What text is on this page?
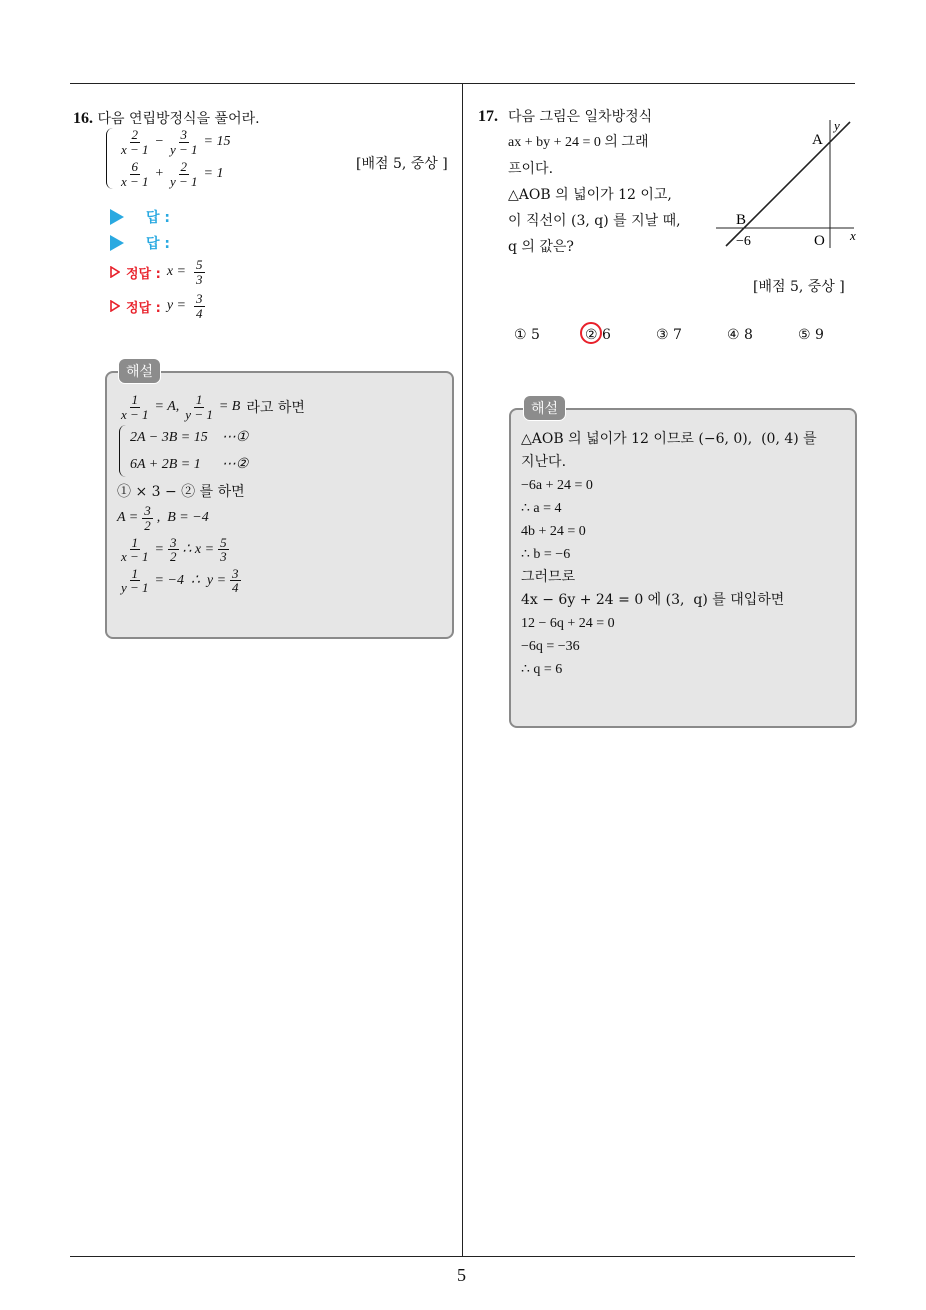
5
16. 다음 연립방정식을 풀어라.
$\frac{2}{x - 1} - \frac{3}{y - 1} = 15$
$\frac{6}{x - 1} + \frac{2}{y - 1} = 1$
[배점 5, 중상 ]
답 :
답 :
정답 : $x = \frac{5}{3}$
정답 : $y = \frac{3}{4}$
해설
$\frac{1}{x - 1} = A$, $\frac{1}{y - 1} = B$ 라고 하면
2A − 3B = 15    ⋯①
6A + 2B = 1      ⋯②
① × 3 − ② 를 하면
$A = \frac{3}{2}$ ,  B = −4
$\frac{1}{x - 1} = \frac{3}{2}$ ∴ $x = \frac{5}{3}$
$\frac{1}{y - 1} = -4$  ∴  $y = \frac{3}{4}$
17. 다음 그림은 일차방정식
ax + by + 24 = 0 의 그래
프이다.
△AOB 의 넓이가 12 이고,
이 직선이 (3, q) 를 지날 때,
q 의 값은?
A
y
B
−6	O x
[배점 5, 중상 ]
① 5	② 6	③ 7	④ 8	⑤ 9
해설
△AOB 의 넓이가 12 이므로 (−6, 0),  (0, 4) 를
지난다.
−6a + 24 = 0
∴ a = 4
4b + 24 = 0
∴ b = −6
그러므로
4x − 6y + 24 = 0 에 (3,  q) 를 대입하면
12 − 6q + 24 = 0
−6q = −36
∴ q = 6
